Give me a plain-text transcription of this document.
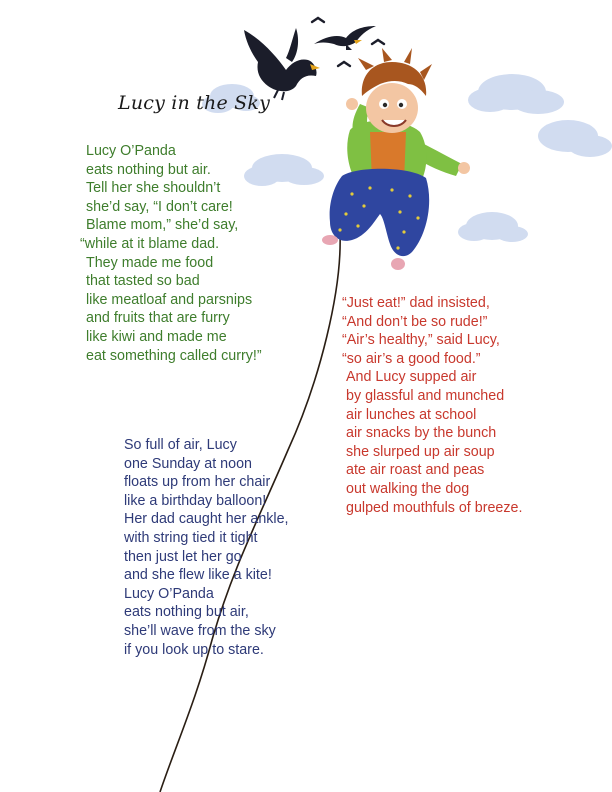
Lucy in the Sky
Lucy O’Panda
eats nothing but air.
Tell her she shouldn’t
she’d say, “I don’t care!
Blame mom,” she’d say,
“while at it blame dad.
They made me food
that tasted so bad
like meatloaf and parsnips
and fruits that are furry
like kiwi and made me
eat something called curry!”
“Just eat!” dad insisted,
“And don’t be so rude!”
“Air’s healthy,” said Lucy,
“so air’s a good food.”
And Lucy supped air
by glassful and munched
air lunches at school
air snacks by the bunch
she slurped up air soup
ate air roast and peas
out walking the dog
gulped mouthfuls of breeze.
So full of air, Lucy
one Sunday at noon
floats up from her chair
like a birthday balloon!
Her dad caught her ankle,
with string tied it tight
then just let her go
and she flew like a kite!
Lucy O’Panda
eats nothing but air,
she’ll wave from the sky
if you look up to stare.
